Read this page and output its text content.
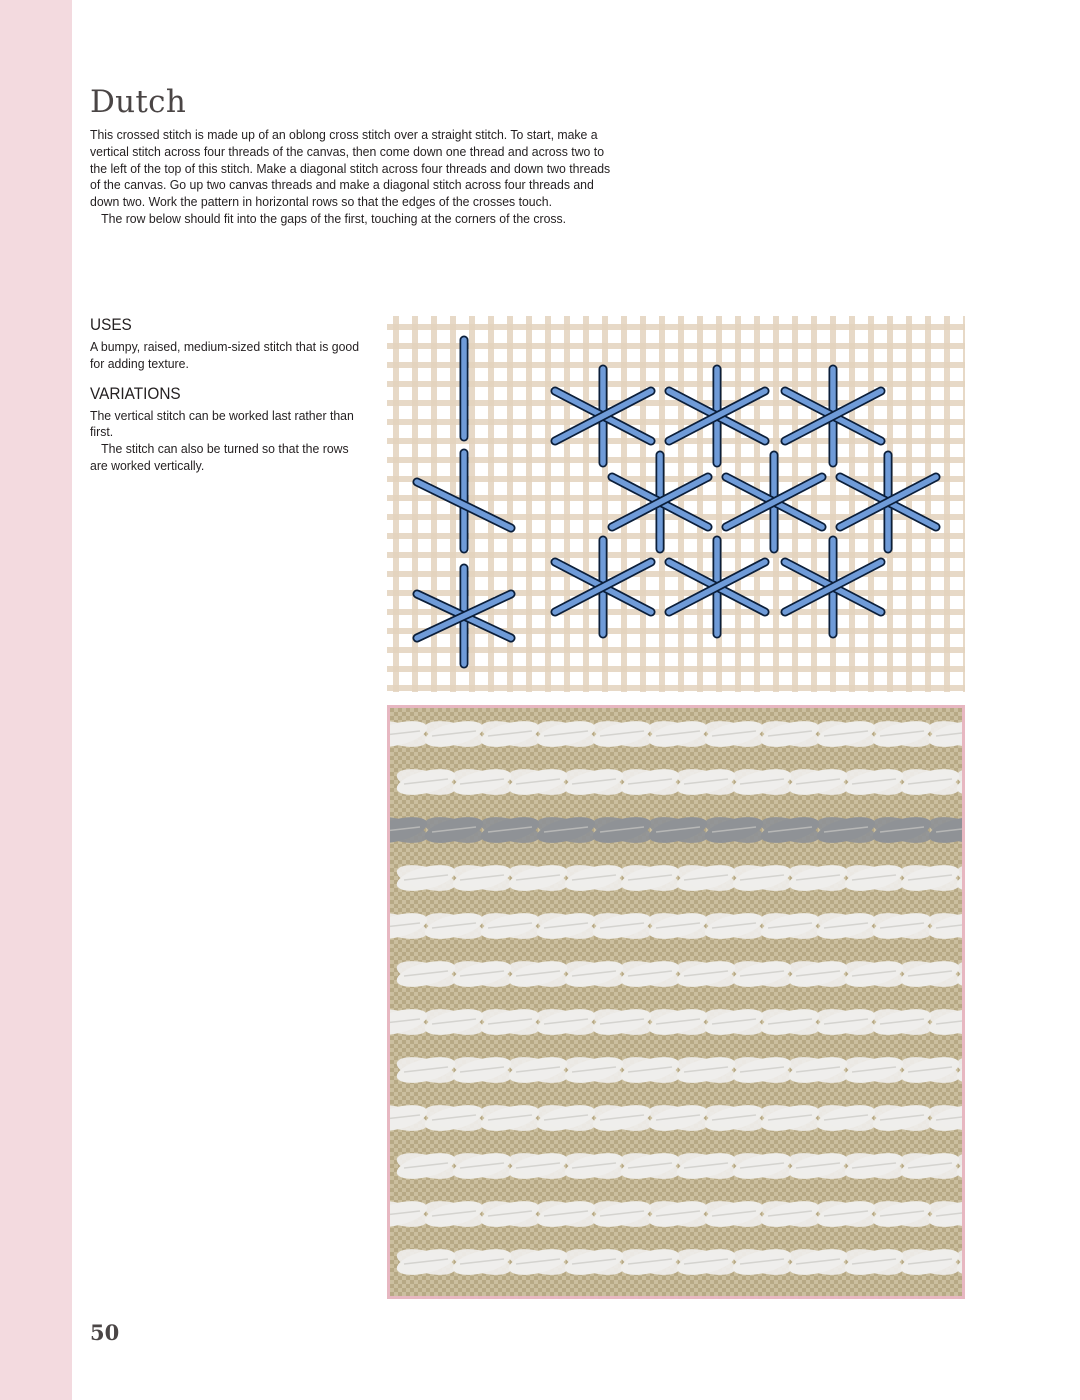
Dutch

This crossed stitch is made up of an oblong cross stitch over a straight stitch. To start, make a vertical stitch across four threads of the canvas, then come down one thread and across two to the left of the top of this stitch. Make a diagonal stitch across four threads and down two threads of the canvas. Go up two canvas threads and make a diagonal stitch across four threads and down two. Work the pattern in horizontal rows so that the edges of the crosses touch.

The row below should fit into the gaps of the first, touching at the corners of the cross.

USES

A bumpy, raised, medium-sized stitch that is good for adding texture.

VARIATIONS

The vertical stitch can be worked last rather than first.

The stitch can also be turned so that the rows are worked vertically.

50
